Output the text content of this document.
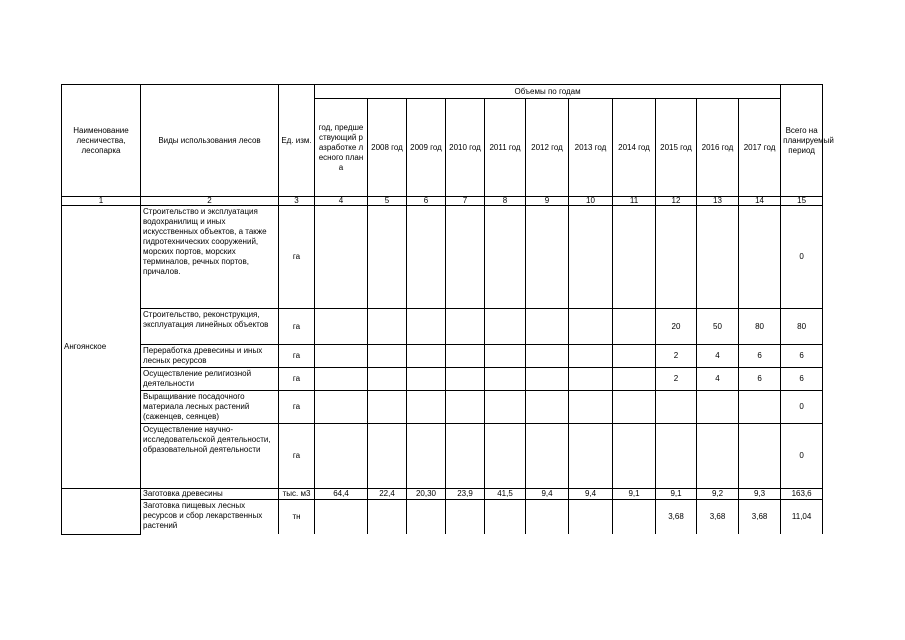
Наименование лесничества, лесопарка	Виды использования лесов	Ед. изм.	Объемы по годам											Всего на планируемый период
			год, предшествующий разработке лесного плана	2008 год	2009 год	2010 год	2011 год	2012 год	2013 год	2014 год	2015 год	2016 год	2017 год	
1	2	3	4	5	6	7	8	9	10	11	12	13	14	15
Ангоянское	Строительство и эксплуатация водохранилищ и иных искусственных объектов, а также гидротехнических сооружений, морских портов, морских терминалов, речных портов, причалов.	га												0
	Строительство, реконструкция, эксплуатация линейных объектов	га									20	50	80	80
	Переработка древесины и иных лесных ресурсов	га									2	4	6	6
	Осуществление религиозной деятельности	га									2	4	6	6
	Выращивание посадочного материала лесных растений (саженцев, сеянцев)	га												0
	Осуществление научно-исследовательской деятельности, образовательной деятельности	га												0
	Заготовка древесины	тыс. м3	64,4	22,4	20,30	23,9	41,5	9,4	9,4	9,1	9,1	9,2	9,3	163,6
	Заготовка пищевых лесных ресурсов и сбор лекарственных растений	тн									3,68	3,68	3,68	11,04
